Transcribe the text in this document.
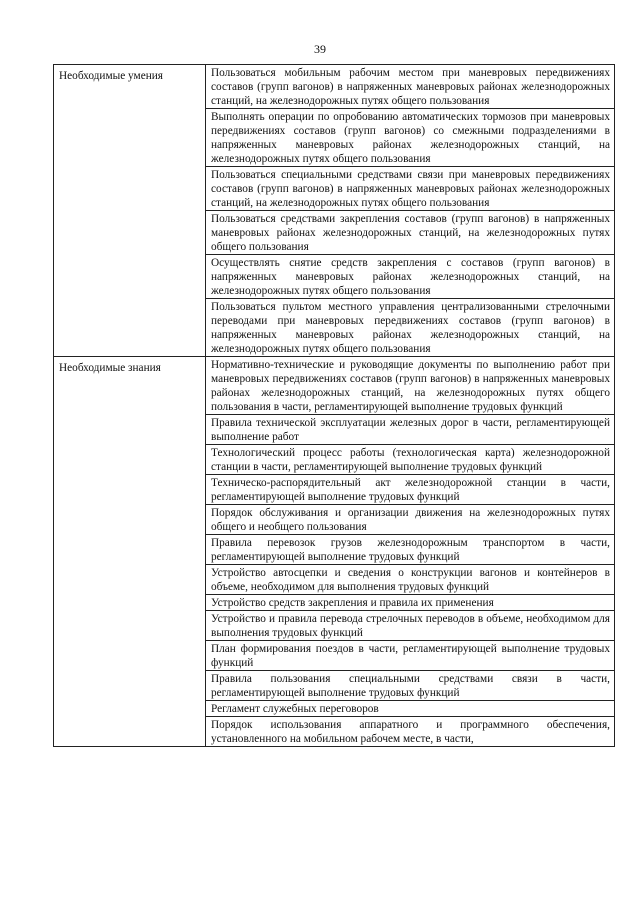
39
Необходимые умения	Пользоваться мобильным рабочим местом при маневровых передвижениях составов (групп вагонов) в напряженных маневровых районах железнодорожных станций, на железнодорожных путях общего пользования
	Выполнять операции по опробованию автоматических тормозов при маневровых передвижениях составов (групп вагонов) со смежными подразделениями в напряженных маневровых районах железнодорожных станций, на железнодорожных путях общего пользования
	Пользоваться специальными средствами связи при маневровых передвижениях составов (групп вагонов) в напряженных маневровых районах железнодорожных станций, на железнодорожных путях общего пользования
	Пользоваться средствами закрепления составов (групп вагонов) в напряженных маневровых районах железнодорожных станций, на железнодорожных путях общего пользования
	Осуществлять снятие средств закрепления с составов (групп вагонов) в напряженных маневровых районах железнодорожных станций, на железнодорожных путях общего пользования
	Пользоваться пультом местного управления централизованными стрелочными переводами при маневровых передвижениях составов (групп вагонов) в напряженных маневровых районах железнодорожных станций, на железнодорожных путях общего пользования
Необходимые знания	Нормативно-технические и руководящие документы по выполнению работ при маневровых передвижениях составов (групп вагонов) в напряженных маневровых районах железнодорожных станций, на железнодорожных путях общего пользования в части, регламентирующей выполнение трудовых функций
	Правила технической эксплуатации железных дорог в части, регламентирующей выполнение работ
	Технологический процесс работы (технологическая карта) железнодорожной станции в части, регламентирующей выполнение трудовых функций
	Техническо-распорядительный акт железнодорожной станции в части, регламентирующей выполнение трудовых функций
	Порядок обслуживания и организации движения на железнодорожных путях общего и необщего пользования
	Правила перевозок грузов железнодорожным транспортом в части, регламентирующей выполнение трудовых функций
	Устройство автосцепки и сведения о конструкции вагонов и контейнеров в объеме, необходимом для выполнения трудовых функций
	Устройство средств закрепления и правила их применения
	Устройство и правила перевода стрелочных переводов в объеме, необходимом для выполнения трудовых функций
	План формирования поездов в части, регламентирующей выполнение трудовых функций
	Правила пользования специальными средствами связи в части, регламентирующей выполнение трудовых функций
	Регламент служебных переговоров
	Порядок использования аппаратного и программного обеспечения, установленного на мобильном рабочем месте, в части,
